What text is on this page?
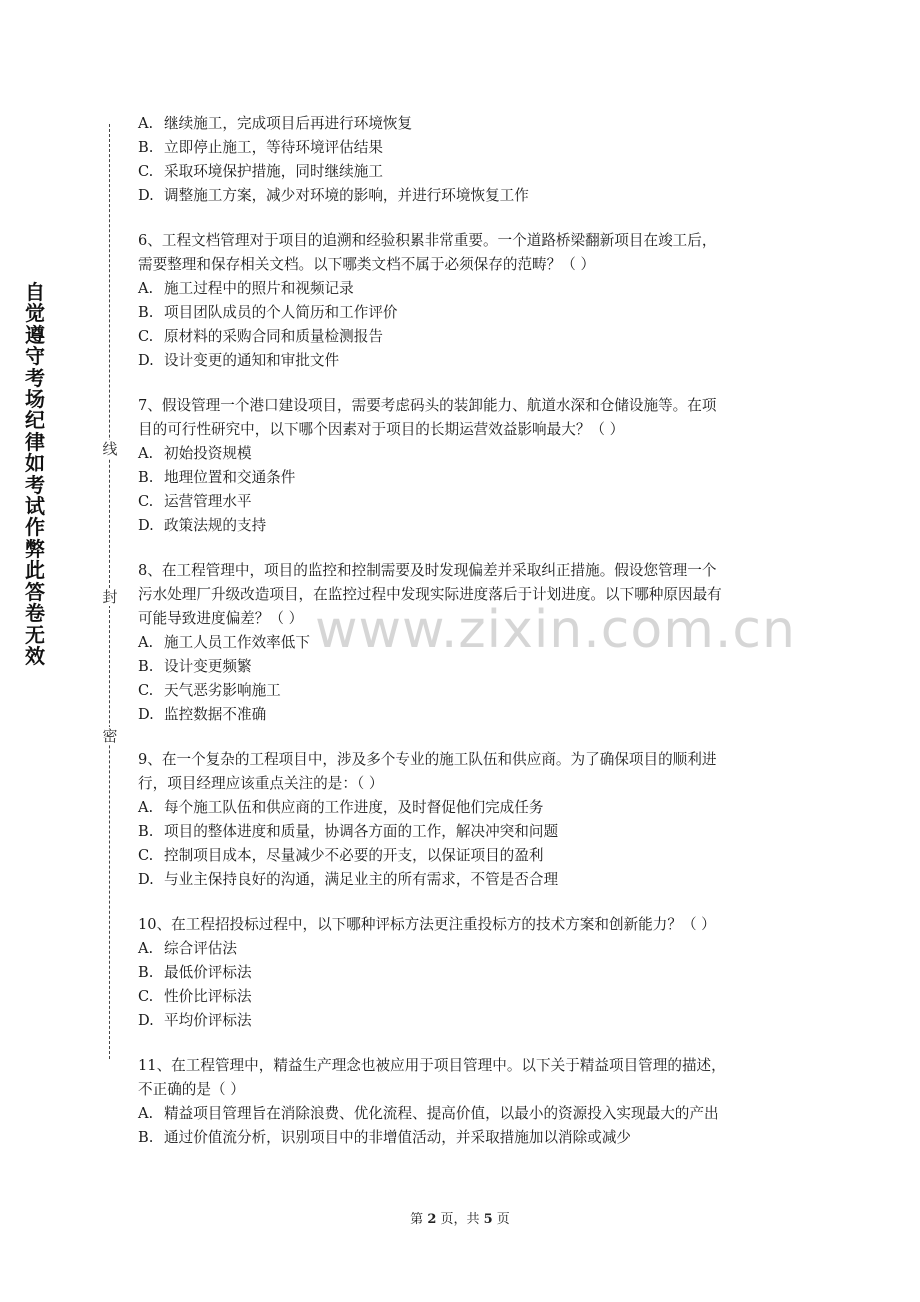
自觉遵守考场纪律如考试作弊此答卷无效
线
封
密
www.zixin.com.cn
A. 继续施工，完成项目后再进行环境恢复
B. 立即停止施工，等待环境评估结果
C. 采取环境保护措施，同时继续施工
D. 调整施工方案，减少对环境的影响，并进行环境恢复工作
6、工程文档管理对于项目的追溯和经验积累非常重要。一个道路桥梁翻新项目在竣工后，
需要整理和保存相关文档。以下哪类文档不属于必须保存的范畴？（ ）
A. 施工过程中的照片和视频记录
B. 项目团队成员的个人简历和工作评价
C. 原材料的采购合同和质量检测报告
D. 设计变更的通知和审批文件
7、假设管理一个港口建设项目，需要考虑码头的装卸能力、航道水深和仓储设施等。在项
目的可行性研究中，以下哪个因素对于项目的长期运营效益影响最大？（ ）
A. 初始投资规模
B. 地理位置和交通条件
C. 运营管理水平
D. 政策法规的支持
8、在工程管理中，项目的监控和控制需要及时发现偏差并采取纠正措施。假设您管理一个
污水处理厂升级改造项目，在监控过程中发现实际进度落后于计划进度。以下哪种原因最有
可能导致进度偏差？（ ）
A. 施工人员工作效率低下
B. 设计变更频繁
C. 天气恶劣影响施工
D. 监控数据不准确
9、在一个复杂的工程项目中，涉及多个专业的施工队伍和供应商。为了确保项目的顺利进
行，项目经理应该重点关注的是：（ ）
A. 每个施工队伍和供应商的工作进度，及时督促他们完成任务
B. 项目的整体进度和质量，协调各方面的工作，解决冲突和问题
C. 控制项目成本，尽量减少不必要的开支，以保证项目的盈利
D. 与业主保持良好的沟通，满足业主的所有需求，不管是否合理
10、在工程招投标过程中，以下哪种评标方法更注重投标方的技术方案和创新能力？（ ）
A. 综合评估法
B. 最低价评标法
C. 性价比评标法
D. 平均价评标法
11、在工程管理中，精益生产理念也被应用于项目管理中。以下关于精益项目管理的描述，
不正确的是（ ）
A. 精益项目管理旨在消除浪费、优化流程、提高价值，以最小的资源投入实现最大的产出
B. 通过价值流分析，识别项目中的非增值活动，并采取措施加以消除或减少
第 2 页，共 5 页
